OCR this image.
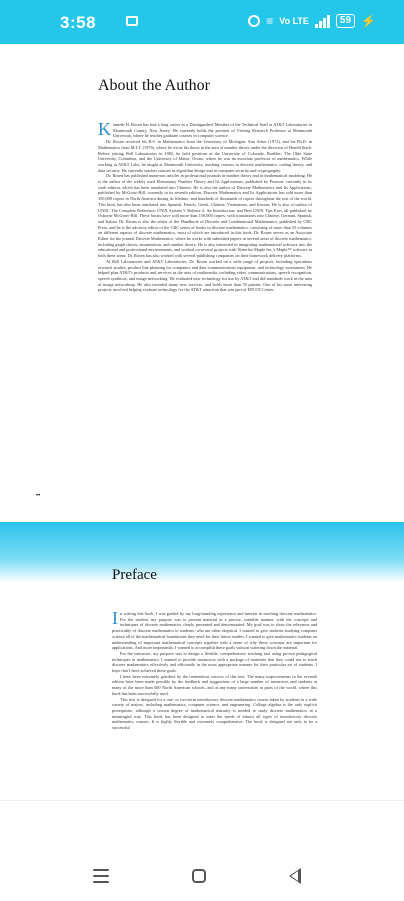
3:58	≡ Vo LTE	59 ⚡
About the Author

Kenneth H. Rosen has had a long career as a Distinguished Member of the Technical Staff at AT&T Laboratories in Monmouth County, New Jersey. He currently holds the position of Visiting Research Professor at Monmouth University, where he teaches graduate courses in computer science.

Dr. Rosen received his B.S. in Mathematics from the University of Michigan, Ann Arbor (1972), and his Ph.D. in Mathematics from M.I.T. (1976), where he wrote his thesis in the area of number theory under the direction of Harold Stark. Before joining Bell Laboratories in 1982, he held positions at the University of Colorado, Boulder; The Ohio State University, Columbus; and the University of Maine, Orono, where he was an associate professor of mathematics. While working at AT&T Labs, he taught at Monmouth University, teaching courses in discrete mathematics, coding theory, and data security. He currently teaches courses in algorithm design and in computer security and cryptography.

Dr. Rosen has published numerous articles in professional journals in number theory and in mathematical modeling. He is the author of the widely used Elementary Number Theory and Its Applications, published by Pearson, currently in its sixth edition, which has been translated into Chinese. He is also the author of Discrete Mathematics and Its Applications, published by McGraw-Hill, currently in its seventh edition. Discrete Mathematics and Its Applications has sold more than 350,000 copies in North America during its lifetime, and hundreds of thousands of copies throughout the rest of the world. This book has also been translated into Spanish, French, Greek, Chinese, Vietnamese, and Korean. He is also co-author of UNIX: The Complete Reference; UNIX System V Release 4: An Introduction; and Best UNIX Tips Ever, all published by Osborne McGraw-Hill. These books have sold more than 150,000 copies, with translations into Chinese, German, Spanish, and Italian. Dr. Rosen is also the editor of the Handbook of Discrete and Combinatorial Mathematics, published by CRC Press, and he is the advisory editor of the CRC series of books in discrete mathematics, consisting of more than 55 volumes on different aspects of discrete mathematics, most of which are introduced in this book. Dr. Rosen serves as an Associate Editor for the journal Discrete Mathematics, where he works with submitted papers in several areas of discrete mathematics, including graph theory, enumeration, and number theory. He is also interested in integrating mathematical software into the educational and professional environments, and worked on several projects with Waterloo Maple Inc.'s Maple™ software in both these areas. Dr. Rosen has also worked with several publishing companies on their homework delivery platforms.

At Bell Laboratories and AT&T Laboratories, Dr. Rosen worked on a wide range of projects, including operations research studies, product line planning for computers and data communications equipment, and technology assessment. He helped plan AT&T's products and services in the area of multimedia, including video communications, speech recognition, speech synthesis, and image networking. He evaluated new technology for use by AT&T and did standards work in the area of image networking. He also invented many new services, and holds more than 55 patents. One of his more interesting projects involved helping evaluate technology for the AT&T attraction that was part of EPCOT Center.

••
Preface

In writing this book, I was guided by my long-standing experience and interest in teaching discrete mathematics. For the student, my purpose was to present material in a precise, readable manner, with the concepts and techniques of discrete mathematics clearly presented and demonstrated. My goal was to show the relevance and practicality of discrete mathematics to students, who are often skeptical. I wanted to give students studying computer science all of the mathematical foundations they need for their future studies. I wanted to give mathematics students an understanding of important mathematical concepts together with a sense of why these concepts are important for applications. And more importantly, I wanted to accomplish these goals without watering down the material.

For the instructor, my purpose was to design a flexible, comprehensive teaching tool using proven pedagogical techniques in mathematics. I wanted to provide instructors with a package of materials that they could use to teach discrete mathematics effectively and efficiently in the most appropriate manner for their particular set of students. I hope that I have achieved these goals.

I have been extremely gratified by the tremendous success of this text. The many improvements in the seventh edition have been made possible by the feedback and suggestions of a large number of instructors and students at many of the more than 600 North American schools, and at any many universities in parts of the world, where this book has been successfully used.

This text is designed for a one- or two-term introductory discrete mathematics course taken by students in a wide variety of majors, including mathematics, computer science, and engineering. College algebra is the only explicit prerequisite, although a certain degree of mathematical maturity is needed to study discrete mathematics in a meaningful way. This book has been designed to meet the needs of almost all types of introductory discrete mathematics courses. It is highly flexible and extremely comprehensive. The book is designed not only to be a successful
